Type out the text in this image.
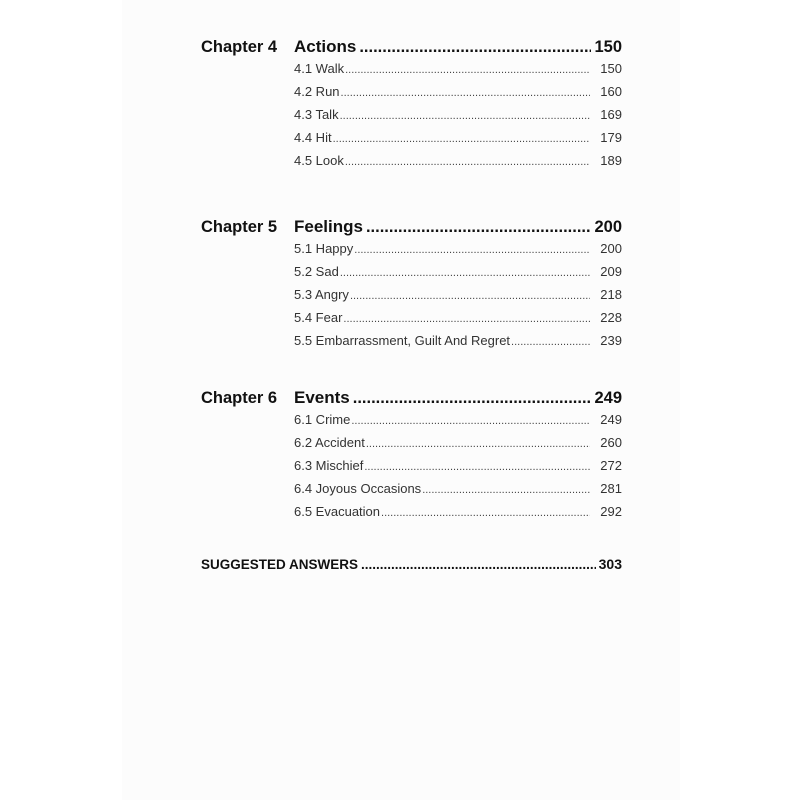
Chapter 4 Actions .....	150
4.1 Walk .....	150
4.2 Run .....	160
4.3 Talk .....	169
4.4 Hit .....	179
4.5 Look .....	189
Chapter 5 Feelings .....	200
5.1 Happy .....	200
5.2 Sad .....	209
5.3 Angry .....	218
5.4 Fear .....	228
5.5 Embarrassment, Guilt And Regret .....	239
Chapter 6 Events .....	249
6.1 Crime .....	249
6.2 Accident .....	260
6.3 Mischief .....	272
6.4 Joyous Occasions .....	281
6.5 Evacuation .....	292
SUGGESTED ANSWERS .....	303
